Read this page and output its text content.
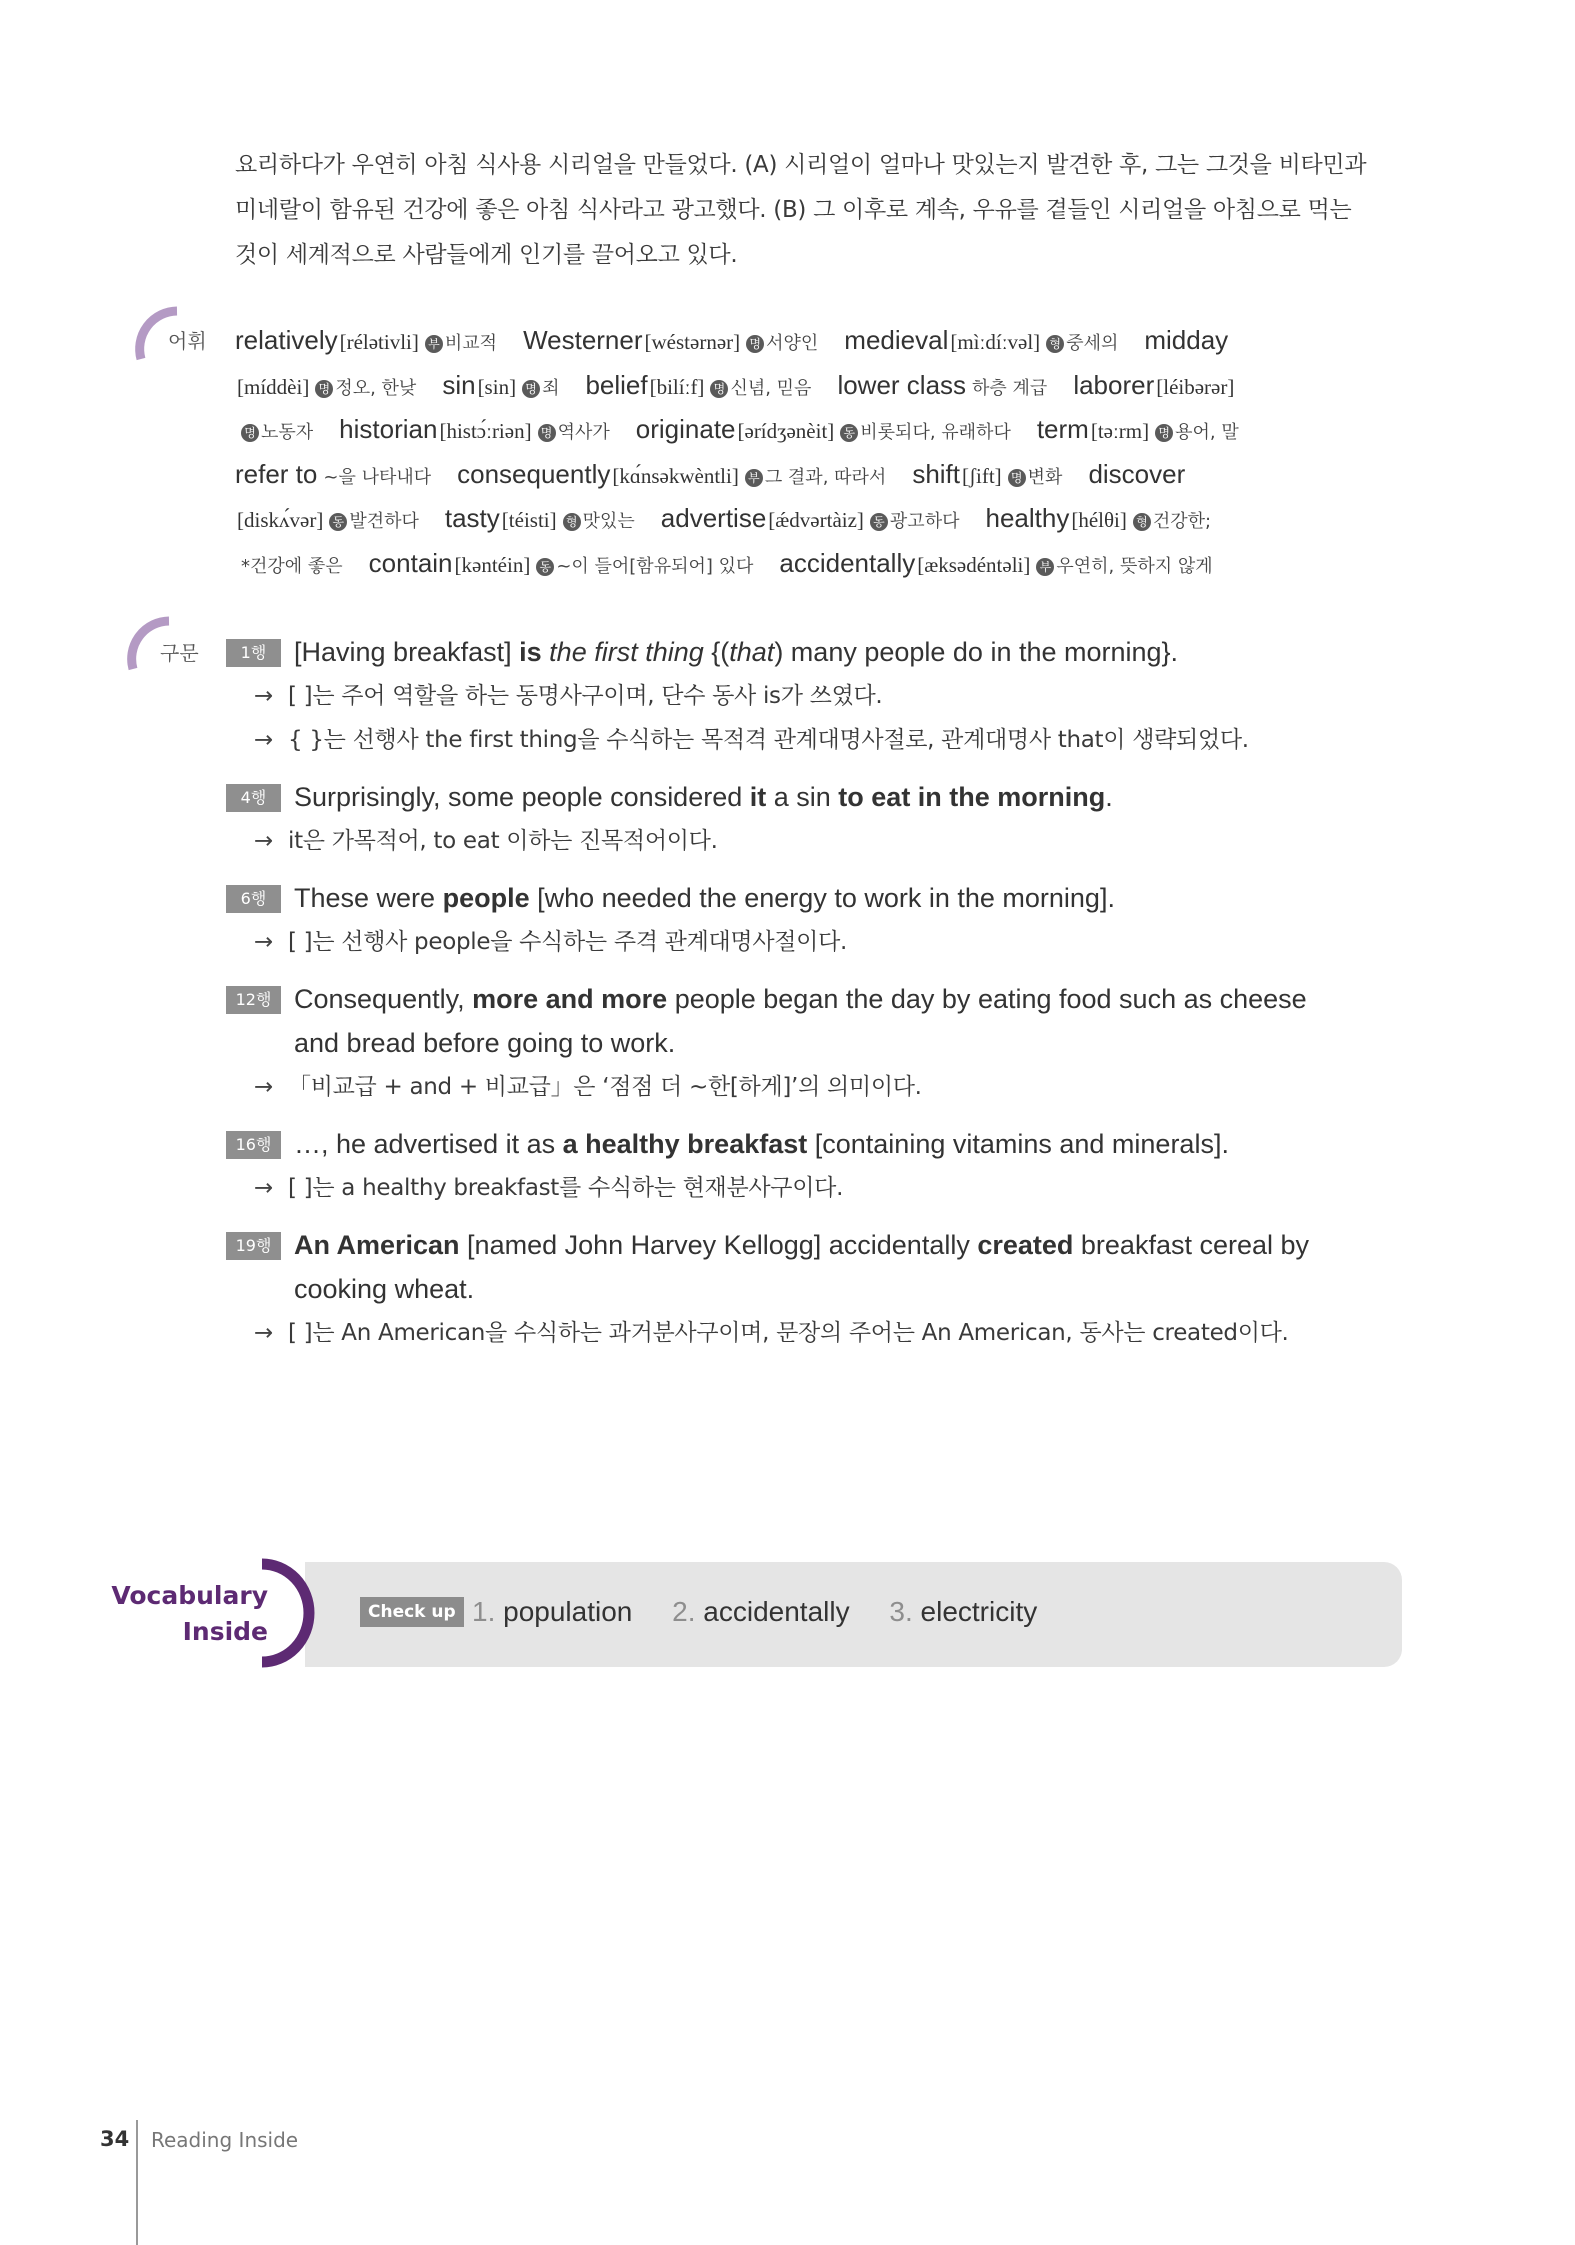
요리하다가 우연히 아침 식사용 시리얼을 만들었다. (A) 시리얼이 얼마나 맛있는지 발견한 후, 그는 그것을 비타민과

미네랄이 함유된 건강에 좋은 아침 식사라고 광고했다. (B) 그 이후로 계속, 우유를 곁들인 시리얼을 아침으로 먹는

것이 세계적으로 사람들에게 인기를 끌어오고 있다.

어휘 relatively[rélətivli] 부 비교적 Westerner[wéstərnər] 명 서양인 medieval[mìːdíːvəl] 형 중세의 midday
[míddèi] 명 정오, 한낮 sin[sin] 명 죄 belief[bilíːf] 명 신념, 믿음 lower class 하층 계급 laborer[léibərər]
명 노동자 historian[histɔ́ːriən] 명 역사가 originate[ərídʒənèit] 동 비롯되다, 유래하다 term[təːrm] 명 용어, 말
refer to ~을 나타내다 consequently[kɑ́nsəkwèntli] 부 그 결과, 따라서 shift[ʃift] 명 변화 discover
[diskʌ́vər] 동 발견하다 tasty[téisti] 형 맛있는 advertise[ǽdvərtàiz] 동 광고하다 healthy[hélθi] 형 건강한;
*건강에 좋은 contain[kəntéin] 동 ~이 들어[함유되어] 있다 accidentally[ӕksədéntəli] 부 우연히, 뜻하지 않게
구문	1행	[Having breakfast] is the first thing {(that) many people do in the morning}.
→ [ ]는 주어 역할을 하는 동명사구이며, 단수 동사 is가 쓰였다.
→ { }는 선행사 the first thing을 수식하는 목적격 관계대명사절로, 관계대명사 that이 생략되었다.
4행	Surprisingly, some people considered it a sin to eat in the morning.
→ it은 가목적어, to eat 이하는 진목적어이다.
6행	These were people [who needed the energy to work in the morning].
→ [ ]는 선행사 people을 수식하는 주격 관계대명사절이다.
12행 Consequently, more and more people began the day by eating food such as cheese
and bread before going to work.
→ 「비교급 + and + 비교급」은 ‘점점 더 ~한[하게]’의 의미이다.
16행 …, he advertised it as a healthy breakfast [containing vitamins and minerals].
→ [ ]는 a healthy breakfast를 수식하는 현재분사구이다.
19행 An American [named John Harvey Kellogg] accidentally created breakfast cereal by
cooking wheat.
→ [ ]는 An American을 수식하는 과거분사구이며, 문장의 주어는 An American, 동사는 created이다.
Vocabulary
Inside
Check up 1. population 2. accidentally 3. electricity
34 Reading Inside
